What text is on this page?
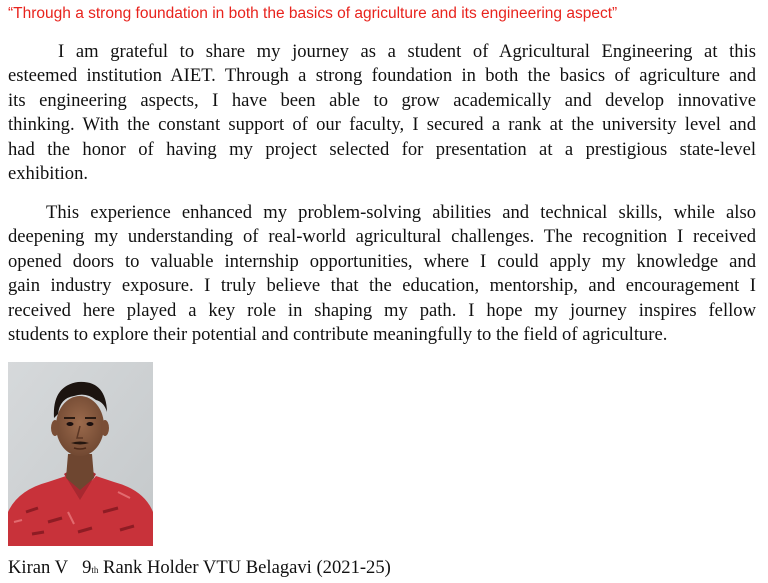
“Through a strong foundation in both the basics of agriculture and its engineering aspect”
I am grateful to share my journey as a student of Agricultural Engineering at this
esteemed institution AIET. Through a strong foundation in both the basics of agriculture and
its engineering aspects, I have been able to grow academically and develop innovative
thinking. With the constant support of our faculty, I secured a rank at the university level and
had the honor of having my project selected for presentation at a prestigious state-level
exhibition.
This experience enhanced my problem-solving abilities and technical skills, while also
deepening my understanding of real-world agricultural challenges. The recognition I received
opened doors to valuable internship opportunities, where I could apply my knowledge and
gain industry exposure. I truly believe that the education, mentorship, and encouragement I
received here played a key role in shaping my path. I hope my journey inspires fellow
students to explore their potential and contribute meaningfully to the field of agriculture.
Kiran V 9th Rank Holder VTU Belagavi (2021-25)
